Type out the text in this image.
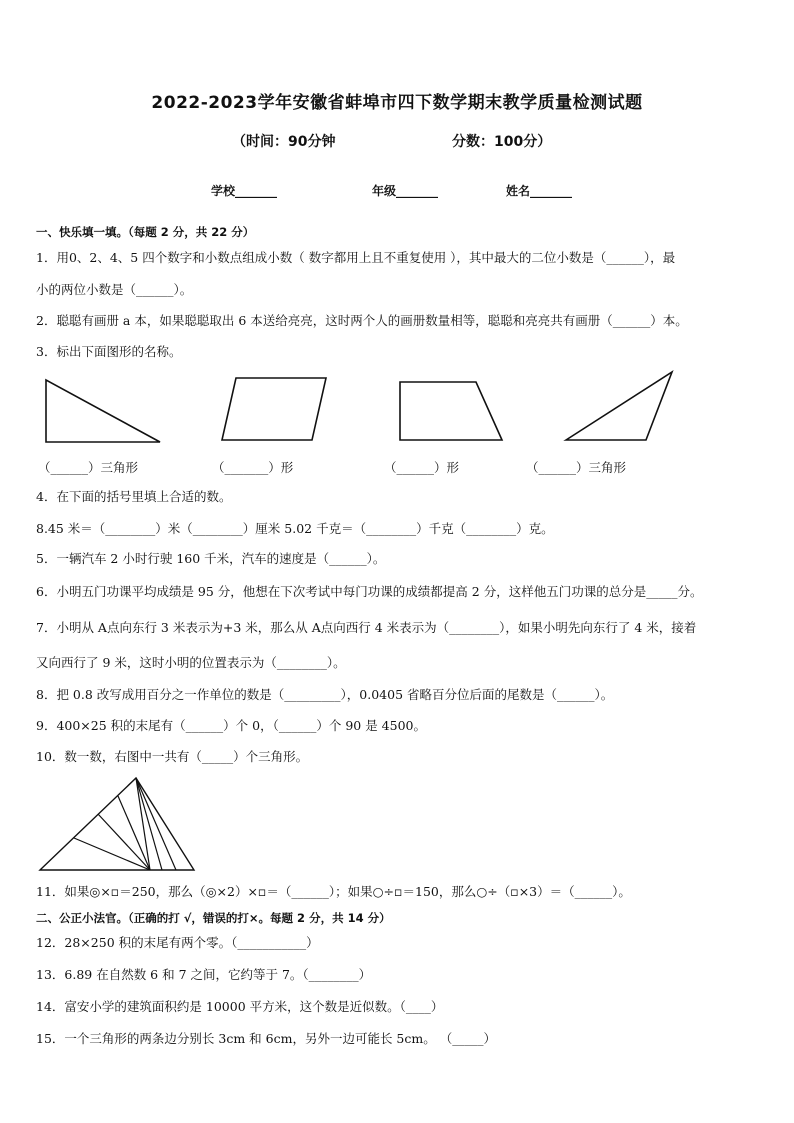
2022-2023学年安徽省蚌埠市四下数学期末教学质量检测试题
（时间：90分钟	分数：100分）
学校_______	年级_______	姓名_______
一、快乐填一填。（每题 2 分，共 22 分）
1．用0、2、4、5 四个数字和小数点组成小数（ 数字都用上且不重复使用 ），其中最大的二位小数是（______），最
小的两位小数是（______）。
2．聪聪有画册 a 本，如果聪聪取出 6 本送给亮亮，这时两个人的画册数量相等，聪聪和亮亮共有画册（______）本。
3．标出下面图形的名称。
（______）三角形	（_______）形	（______）形	（______）三角形
4．在下面的括号里填上合适的数。
8.45 米＝（________）米（________）厘米 5.02 千克＝（________）千克（________）克。
5．一辆汽车 2 小时行驶 160 千米，汽车的速度是（______）。
6．小明五门功课平均成绩是 95 分，他想在下次考试中每门功课的成绩都提高 2 分，这样他五门功课的总分是_____分。
7．小明从 A点向东行 3 米表示为+3 米，那么从 A点向西行 4 米表示为（________），如果小明先向东行了 4 米，接着
又向西行了 9 米，这时小明的位置表示为（________）。
8．把 0.8 改写成用百分之一作单位的数是（_________），0.0405 省略百分位后面的尾数是（______）。
9．400×25 积的末尾有（______）个 0，（______）个 90 是 4500。
10．数一数，右图中一共有（_____）个三角形。
11．如果◎×▫＝250，那么（◎×2）×▫＝（______）；如果○÷▫＝150，那么○÷（▫×3）＝（______）。
二、公正小法官。（正确的打 √，错误的打×。每题 2 分，共 14 分）
12．28×250 积的末尾有两个零。（___________）
13．6.89 在自然数 6 和 7 之间，它约等于 7。（________）
14．富安小学的建筑面积约是 10000 平方米，这个数是近似数。（____）
15．一个三角形的两条边分别长 3cm 和 6cm，另外一边可能长 5cm。 （_____）
